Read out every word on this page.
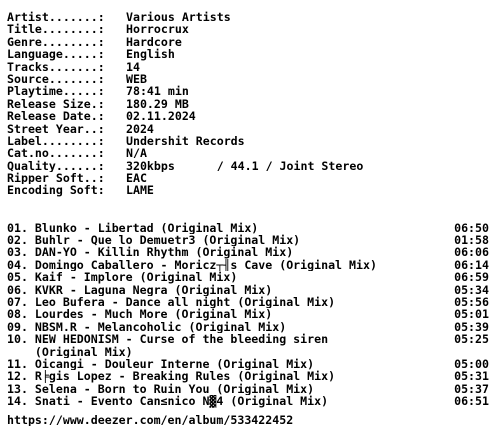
Artist.......: Various Artists
Title........: Horrocrux
Genre........: Hardcore
Language.....: English
Tracks.......: 14
Source.......: WEB
Playtime.....: 78:41 min
Release Size.: 180.29 MB
Release Date.: 02.11.2024
Street Year..: 2024
Label........: Undershit Records
Cat.no.......: N/A
Quality......: 320kbps      / 44.1 / Joint Stereo
Ripper Soft..: EAC
Encoding Soft: LAME
01. Blunko - Libertad (Original Mix)	06:50
02. Buhlr - Que lo Demuetr3 (Original Mix)	01:58
03. DAN-YO - Killin Rhythm (Original Mix)	06:06
04. Domingo Caballero - Moricz┬╢s Cave (Original Mix)	06:14
05. Kaif - Implore (Original Mix)	06:59
06. KVKR - Laguna Negra (Original Mix)	05:34
07. Leo Bufera - Dance all night (Original Mix)	05:56
08. Lourdes - Much More (Original Mix)	05:01
09. NBSM.R - Melancoholic (Original Mix)	05:39
10. NEW HEDONISM - Curse of the bleeding siren	05:25
(Original Mix)
11. Oicangi - Douleur Interne (Original Mix)	05:00
12. R╞gis Lopez - Breaking Rules (Original Mix)	05:31
13. Selena - Born to Ruin You (Original Mix)	05:37
14. Snati - Evento Can≤nico N▓4 (Original Mix)	06:51
https://www.deezer.com/en/album/533422452
